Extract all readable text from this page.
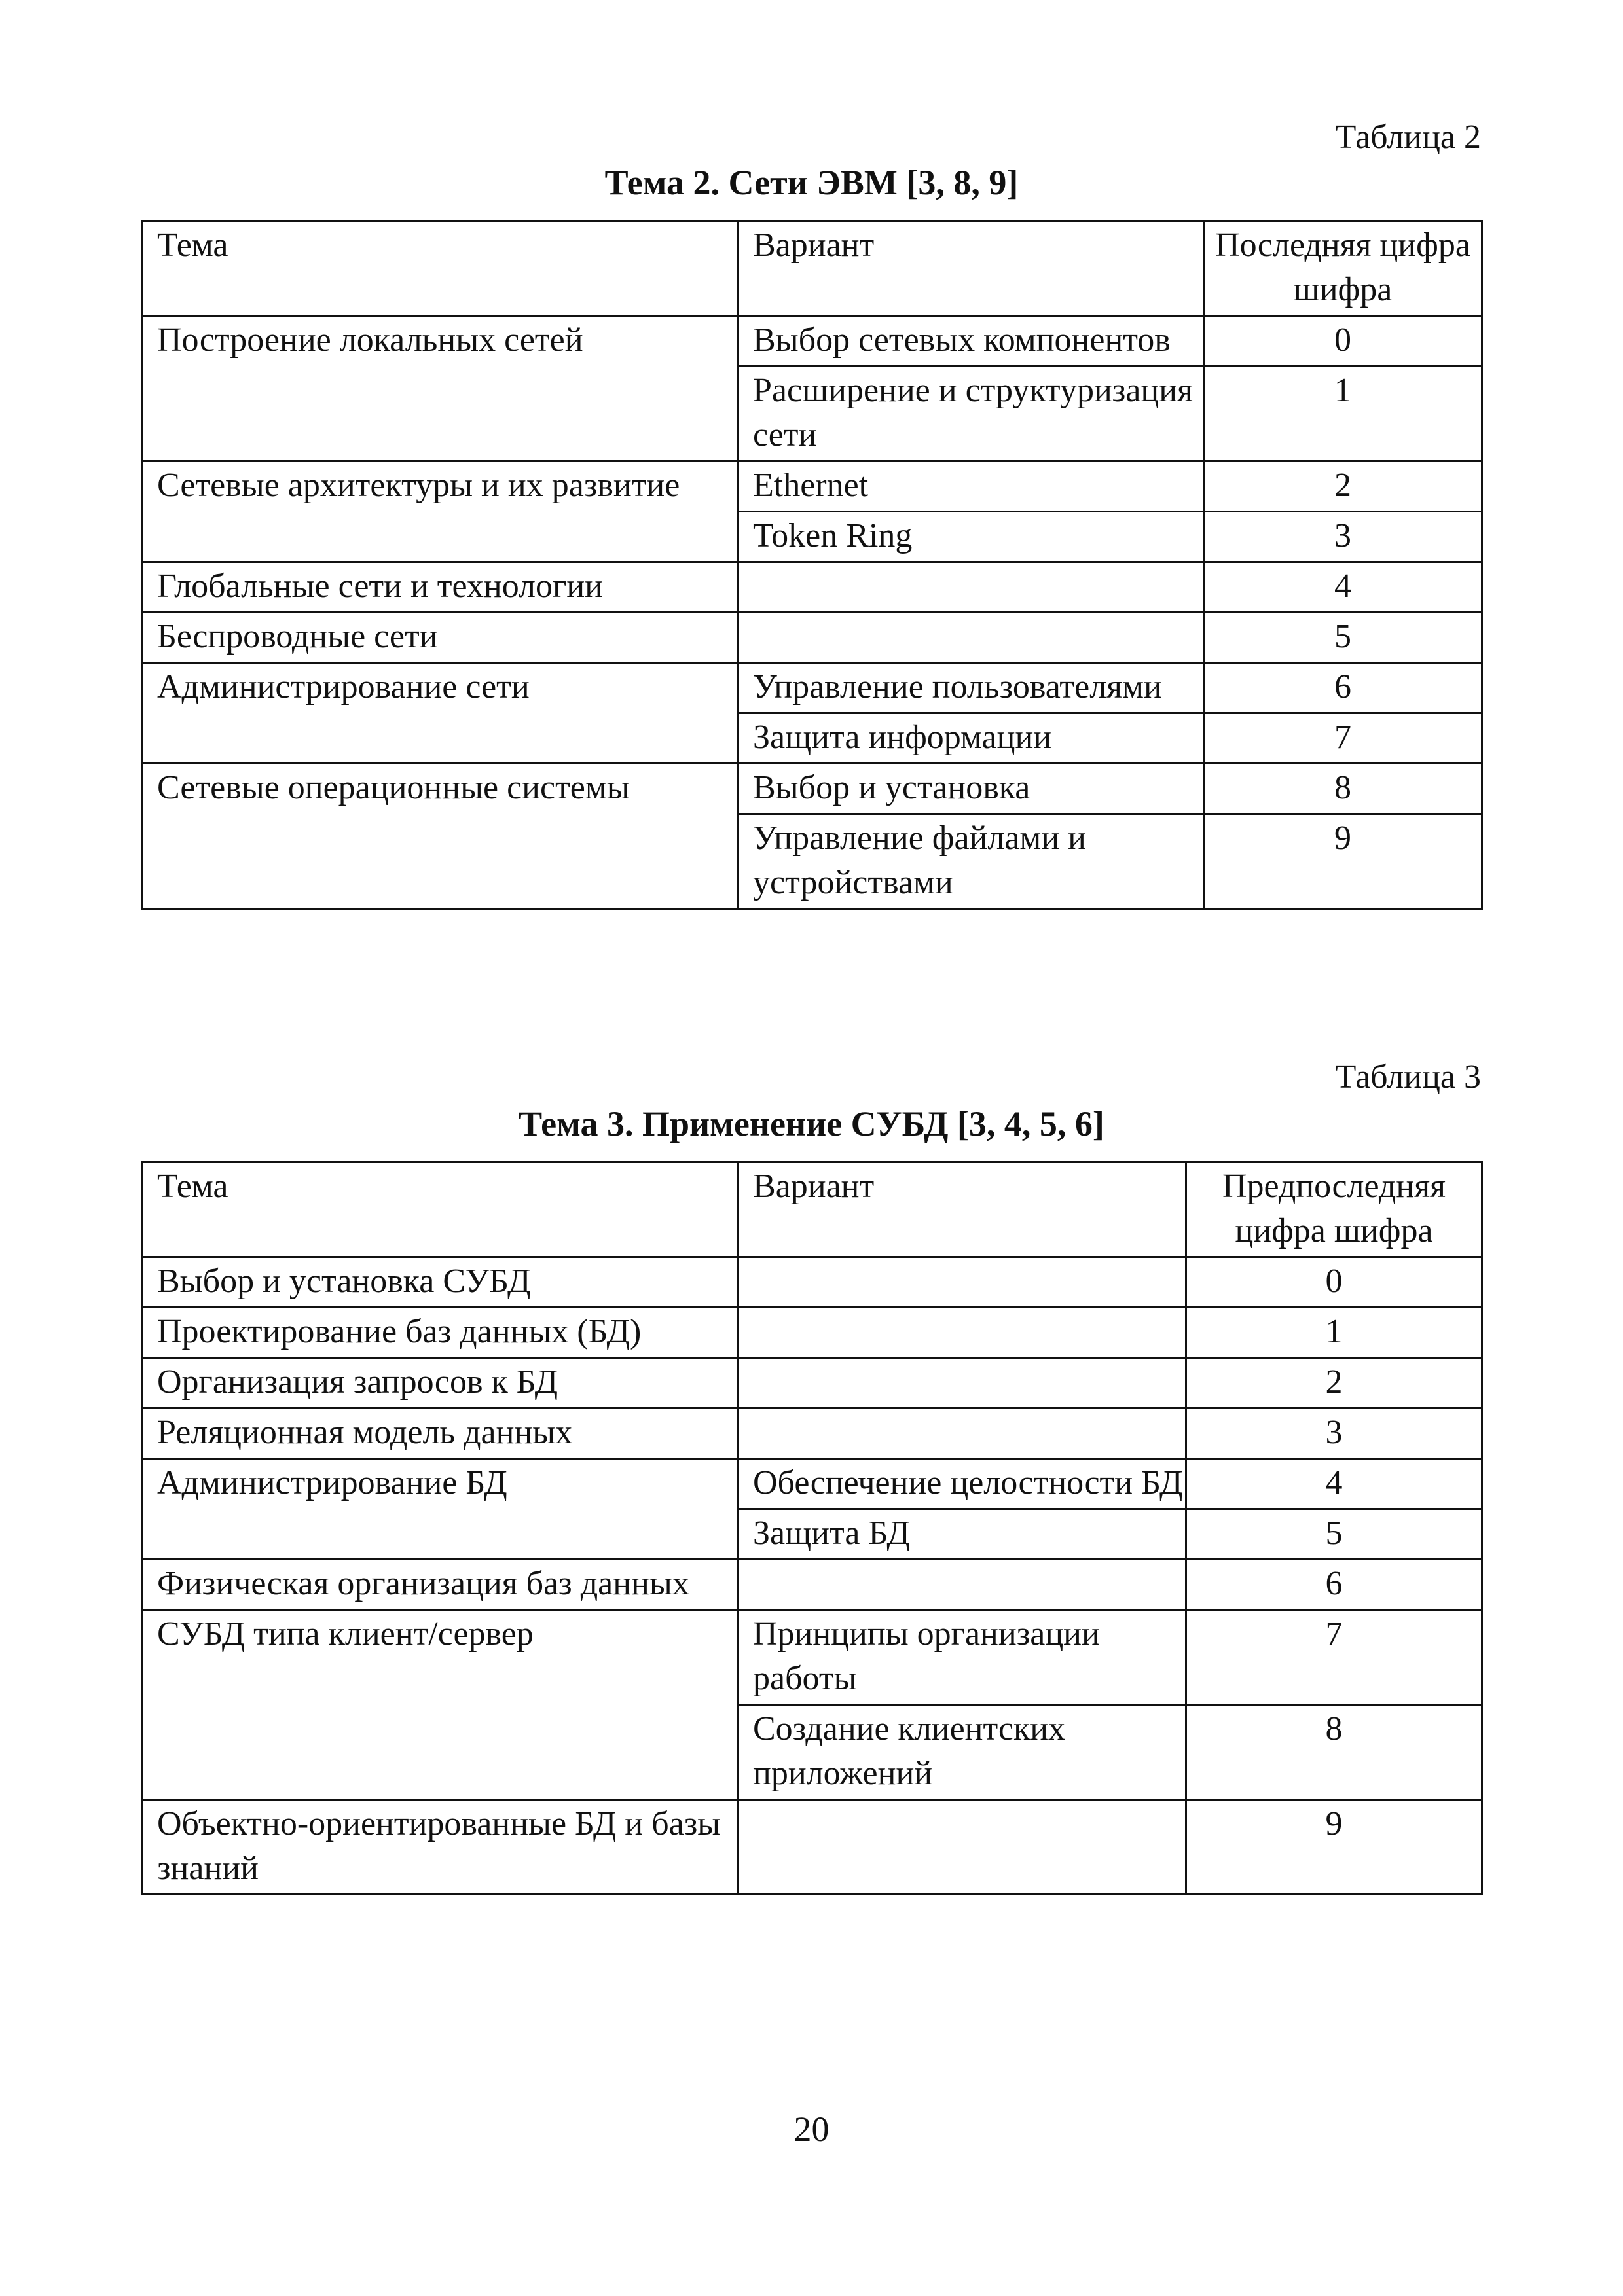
Таблица 2
Тема 2. Сети ЭВМ [3, 8, 9]
Тема	Вариант	Последняя цифра шифра
Построение локальных сетей	Выбор сетевых компонентов	0
	Расширение и структуризация сети	1
Сетевые архитектуры и их развитие	Ethernet	2
	Token Ring	3
Глобальные сети и технологии		4
Беспроводные сети		5
Администрирование сети	Управление пользователями	6
	Защита информации	7
Сетевые операционные системы	Выбор и установка	8
	Управление файлами и устройствами	9
Таблица 3
Тема 3. Применение СУБД [3, 4, 5, 6]
Тема	Вариант	Предпоследняя цифра шифра
Выбор и установка СУБД		0
Проектирование баз данных (БД)		1
Организация запросов к БД		2
Реляционная модель данных		3
Администрирование БД	Обеспечение целостности БД	4
	Защита БД	5
Физическая организация баз данных		6
СУБД типа клиент/сервер	Принципы организации работы	7
	Создание клиентских приложений	8
Объектно-ориентированные БД и базы знаний		9
20
